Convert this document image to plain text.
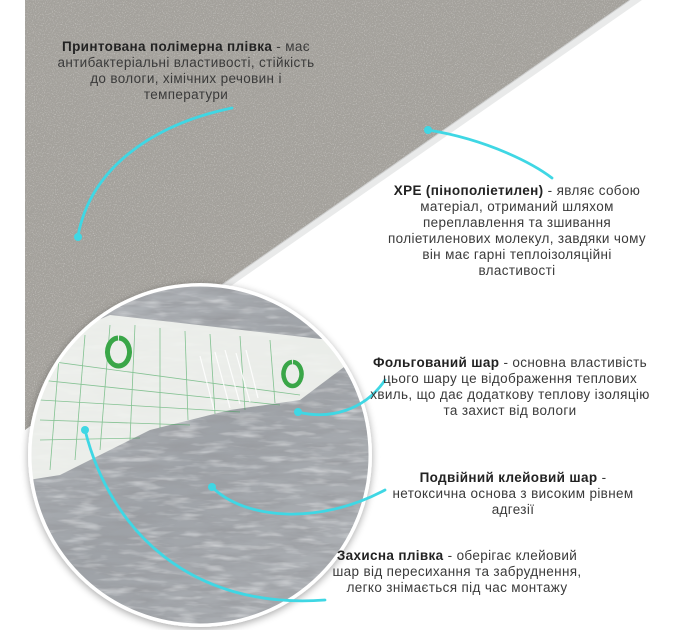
Принтована полімерна плівка - має антибактеріальні властивості, стійкість до вологи, хімічних речовин і температури

XPE (пінополіетилен) - являє собою матеріал, отриманий шляхом переплавлення та зшивання поліетиленових молекул, завдяки чому він має гарні теплоізоляційні властивості

Фольгований шар - основна властивість цього шару це відображення теплових хвиль, що дає додаткову теплову ізоляцію та захист від вологи

Подвійний клейовий шар - нетоксична основа з високим рівнем адгезії

Захисна плівка - оберігає клейовий шар від пересихання та забруднення, легко знімається під час монтажу
